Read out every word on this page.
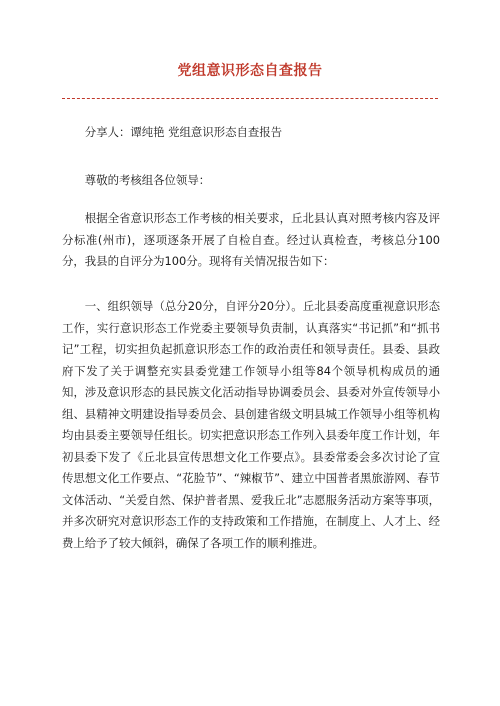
党组意识形态自查报告

分享人：谭纯艳 党组意识形态自查报告

尊敬的考核组各位领导：

根据全省意识形态工作考核的相关要求，丘北县认真对照考核内容及评分标准(州市)，逐项逐条开展了自检自查。经过认真检查，考核总分100分，我县的自评分为100分。现将有关情况报告如下：

一、组织领导（总分20分，自评分20分）。丘北县委高度重视意识形态工作，实行意识形态工作党委主要领导负责制，认真落实“书记抓”和“抓书记”工程，切实担负起抓意识形态工作的政治责任和领导责任。县委、县政府下发了关于调整充实县委党建工作领导小组等84个领导机构成员的通知，涉及意识形态的县民族文化活动指导协调委员会、县委对外宣传领导小组、县精神文明建设指导委员会、县创建省级文明县城工作领导小组等机构均由县委主要领导任组长。切实把意识形态工作列入县委年度工作计划，年初县委下发了《丘北县宣传思想文化工作要点》。县委常委会多次讨论了宣传思想文化工作要点、“花脸节”、“辣椒节”、建立中国普者黑旅游网、春节文体活动、“关爱自然、保护普者黑、爱我丘北”志愿服务活动方案等事项，并多次研究对意识形态工作的支持政策和工作措施，在制度上、人才上、经费上给予了较大倾斜，确保了各项工作的顺利推进。
